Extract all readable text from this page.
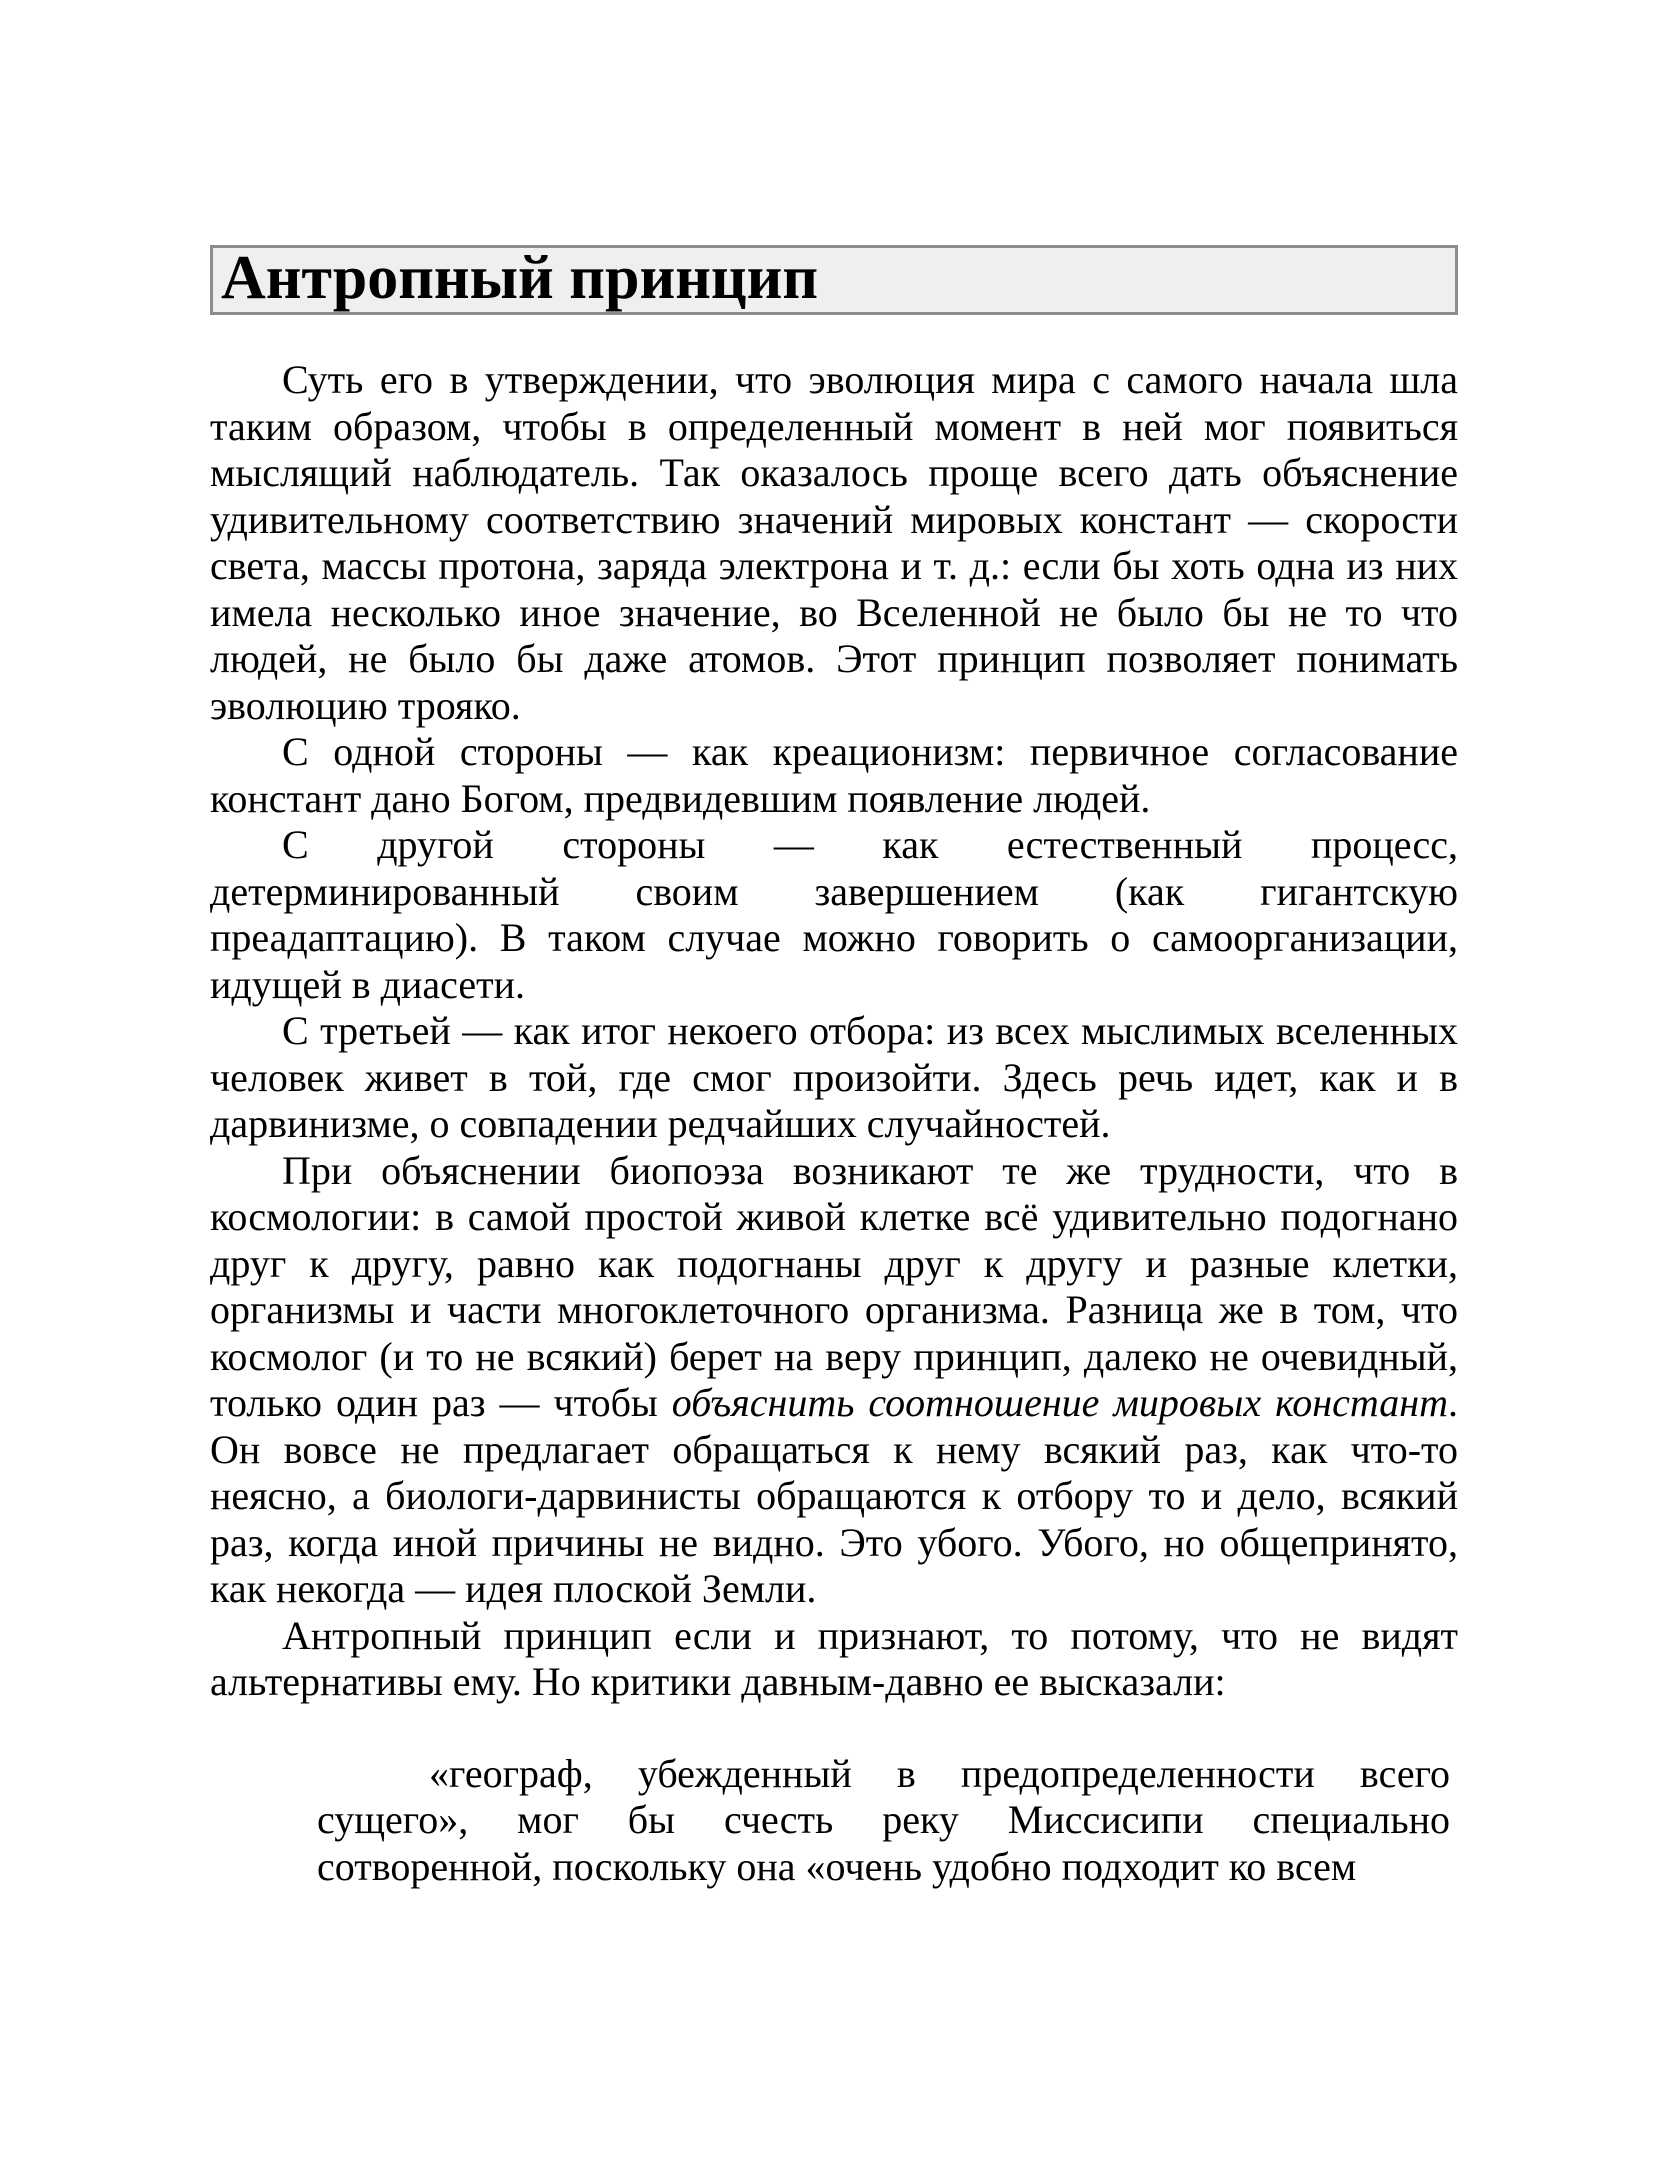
Антропный принцип

Суть его в утверждении, что эволюция мира с самого начала шла таким образом, чтобы в определенный момент в ней мог появиться мыслящий наблюдатель. Так оказалось проще всего дать объяснение удивительному соответствию значений мировых констант — скорости света, массы протона, заряда электрона и т. д.: если бы хоть одна из них имела несколько иное значение, во Вселенной не было бы не то что людей, не было бы даже атомов. Этот принцип позволяет понимать эволюцию трояко.

С одной стороны — как креационизм: первичное согласование констант дано Богом, предвидевшим появление людей.

С другой стороны — как естественный процесс, детерминированный своим завершением (как гигантскую преадаптацию). В таком случае можно говорить о самоорганизации, идущей в диасети.

С третьей — как итог некоего отбора: из всех мыслимых вселенных человек живет в той, где смог произойти. Здесь речь идет, как и в дарвинизме, о совпадении редчайших случайностей.

При объяснении биопоэза возникают те же трудности, что в космологии: в самой простой живой клетке всё удивительно подогнано друг к другу, равно как подогнаны друг к другу и разные клетки, организмы и части многоклеточного организма. Разница же в том, что космолог (и то не всякий) берет на веру принцип, далеко не очевидный, только один раз — чтобы объяснить соотношение мировых констант. Он вовсе не предлагает обращаться к нему всякий раз, как что-то неясно, а биологи-дарвинисты обращаются к отбору то и дело, всякий раз, когда иной причины не видно. Это убого. Убого, но общепринято, как некогда — идея плоской Земли.

Антропный принцип если и признают, то потому, что не видят альтернативы ему. Но критики давным-давно ее высказали:

«географ, убежденный в предопределенности всего сущего», мог бы счесть реку Миссисипи специально сотворенной, поскольку она «очень удобно подходит ко всем
